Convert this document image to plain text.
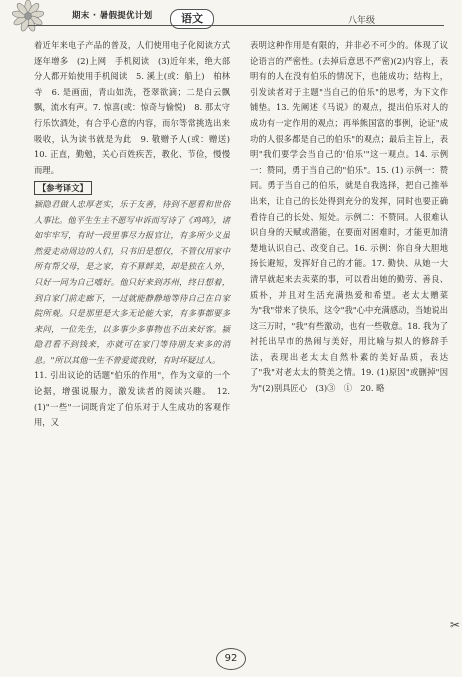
期末 · 暑假提优计划	语文	八年级
着近年来电子产品的普及，人们使用电子化阅读方式逐年增多　(2)上网　手机阅读　(3)近年来，绝大部分人都开始使用手机阅读　5. 溪上(或：船上)　柏林寺　6. 是画面，青山如洗，苍翠欲滴；二是白云飘飘，流水有声。7. 惊喜(或：惊奇与愉悦)　8. 那太守行乐饮酒处，有合乎心意的内容，而尔等常挑选出来吸收，认为读书就是为此　9. 敬赠予人(或：赠送)　10. 正直，勤勉，关心百姓疾苦，教化、节俭，慢慢而理。
【参考译文】
颍隐君做人忠厚老实，乐于友善，待到不愿看和世俗人事比。他平生生主不愿写申诉而写诗了《鸡鸣》，诸如牢牢写，有时一段里事尽力报官让，有多所少义虽然爱走动周边的人们，只书旧是想仅，不管仅用家中所有帮父母，是之家，有不算鲜美，却是独在人外，只好一同为自己嗜好。他只好来到苏州，终日想着，到自家门前走廊下，一过就能静静地等待自己在自家院所观。只是那里是大多无论能大家，有多事都要多来问，一位先生，以多事少多事物也不出来好客。颍隐君看不到钱来，亦就可在家门等待朋友来多的消息。"所以其他一生不曾爱谎我财，有时坏疑过人。
11. 引出议论的话题"伯乐的作用"，作为文章的一个论据，增强说服力，激发读者的阅读兴趣。　12. (1)"一些"一词既肯定了伯乐对于人生成功的客观作用，又
表明这种作用是有限的，并非必不可少的。体现了议论语言的严密性。(去掉后意思不严密)(2)内容上，表明有的人在没有伯乐的情况下，也能成功；结构上，引发读者对于主题"当自己的伯乐"的思考，为下文作铺垫。13. 先阐述《马说》的观点，提出伯乐对人的成功有一定作用的观点；再举熊国富的事例，论证"成功的人很多都是自己的伯乐"的观点；最后主旨上，表明"我们要学会当自己的'伯乐'"这一观点。14. 示例一：赞同，勇于当自己的"伯乐"。15. (1) 示例一：赞同。勇于当自己的伯乐，就是自我选择，把自己推举出来，让自己的长处得到充分的发挥，同时也要正确看待自己的长处、短处。示例二：不赞同。人很难认识自身的天赋或潜能，在要面对困难时，才能更加清楚地认识自己、改变自己。16. 示例：你自身大胆地扬长避短，发挥好自己的才能。17. 勤快、从她一大清早就起来去卖菜的事，可以看出她的勤劳、善良、质朴，并且对生活充满热爱和希望。老太太赠菜为"我"带来了快乐，这令"我"心中充满感动，当她说出这三万时，"我"有些激动，也有一些敬意。18. 我为了衬托出早市的热闹与美好，用比喻与拟人的修辞手法，表现出老太太自然朴素的美好品质，表达了"我"对老太太的赞美之情。19. (1)原因"或删掉"因为"(2)别具匠心　(3)③　①　20. 略
92
✂
